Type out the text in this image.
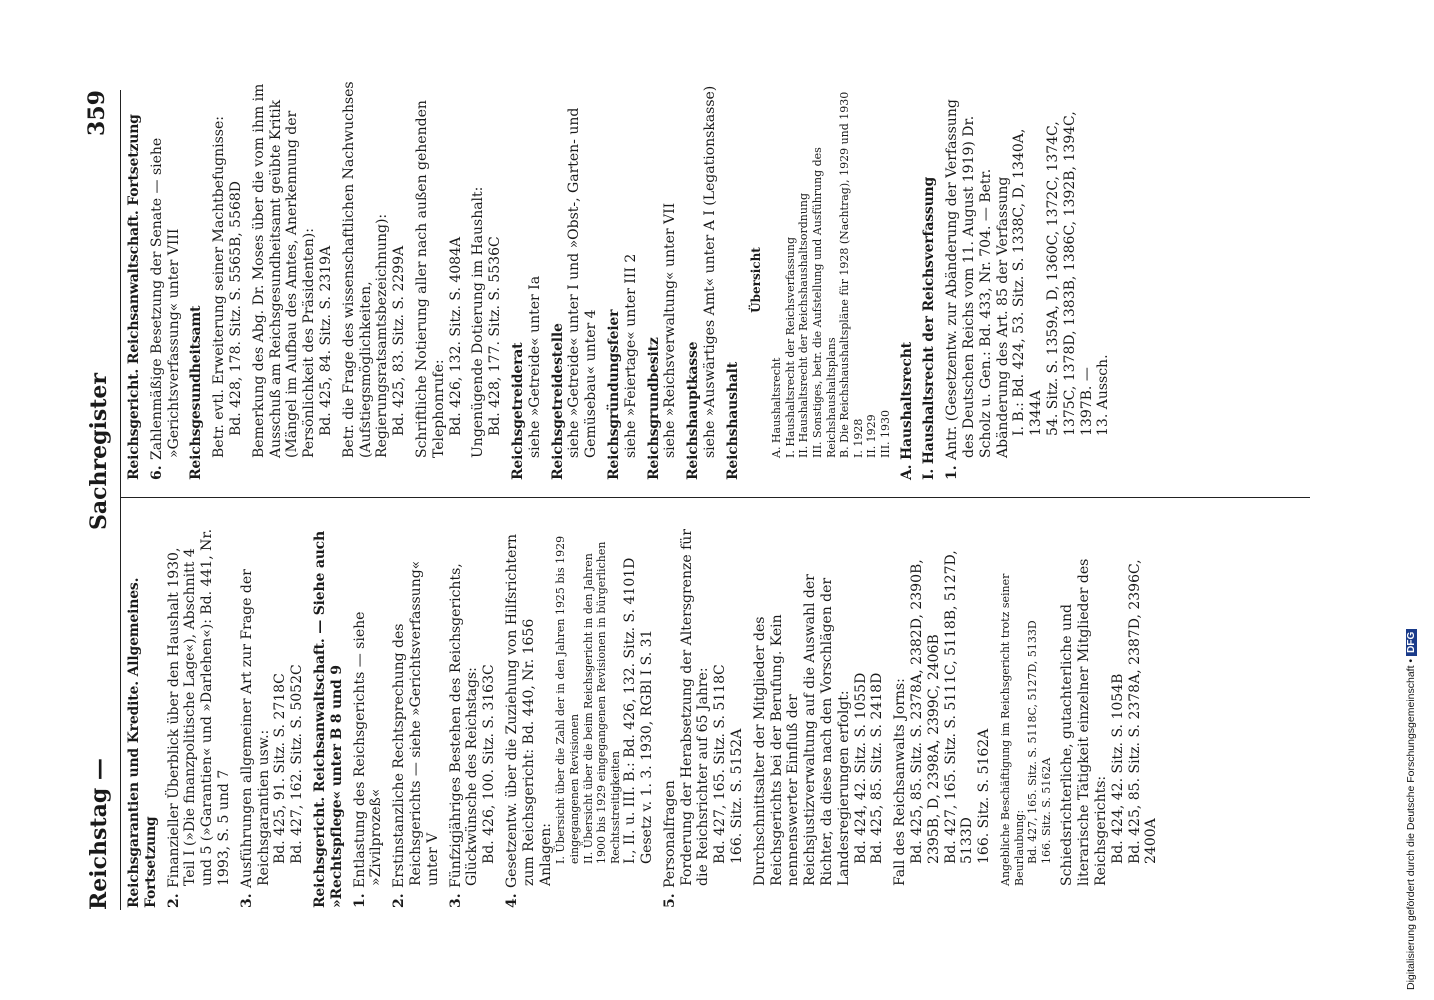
Reichstag —
Sachregister
359
Reichsgarantien und Kredite. Allgemeines. Fortsetzung 2.Finanzieller Überblick über den Haushalt 1930, Teil I (»Die finanzpolitische Lage«), Abschnitt 4 und 5 (»Garantien« und »Darlehen«): Bd. 441, Nr. 1993, S. 5 und 7
3.Ausführungen allgemeiner Art zur Frage der Reichsgarantien usw.: Bd. 425, 91. Sitz. S. 2718C Bd. 427, 162. Sitz. S. 5052C Reichsgericht. Reichsanwaltschaft. — Siehe auch »Rechtspflege« unter B 8 und 9 1.Entlastung des Reichsgerichts — siehe »Zivilprozeß«
2.Erstinstanzliche Rechtsprechung des Reichsgerichts — siehe »Gerichtsverfassung« unter V
3.Fünfzigjähriges Bestehen des Reichsgerichts, Glückwünsche des Reichstags: Bd. 426, 100. Sitz. S. 3163C
4.Gesetzentw. über die Zuziehung von Hilfsrichtern zum Reichsgericht: Bd. 440, Nr. 1656 Anlagen: I. Übersicht über die Zahl der in den Jahren 1925 bis 1929 eingegangenen Revisionen II. Übersicht über die beim Reichsgericht in den Jahren 1900 bis 1929 eingegangenen Revisionen in bürgerlichen Rechtsstreitigkeiten I., II. u. III. B.: Bd. 426, 132. Sitz. S. 4101D Gesetz v. 1. 3. 1930, RGBl I S. 31
5.Personalfragen Forderung der Herabsetzung der Altersgrenze für die Reichsrichter auf 65 Jahre: Bd. 427, 165. Sitz. S. 5118C 166. Sitz. S. 5152A Durchschnittsalter der Mitglieder des Reichsgerichts bei der Berufung. Kein nennenswerter Einfluß der Reichsjustizverwaltung auf die Auswahl der Richter, da diese nach den Vorschlägen der Landesregierungen erfolgt: Bd. 424, 42. Sitz. S. 1055D Bd. 425, 85. Sitz. S. 2418D Fall des Reichsanwalts Jorns: Bd. 425, 85. Sitz. S. 2378A, 2382D, 2390B, 2395B, D, 2398A, 2399C, 2406B Bd. 427, 165. Sitz. S. 5111C, 5118B, 5127D, 5133D 166. Sitz. S. 5162A Angebliche Beschäftigung im Reichsgericht trotz seiner Beurlaubung: Bd. 427, 165. Sitz. S. 5118C, 5127D, 5133D 166. Sitz. S. 5162A Schiedsrichterliche, gutachterliche und literarische Tätigkeit einzelner Mitglieder des Reichsgerichts: Bd. 424, 42. Sitz. S. 1054B Bd. 425, 85. Sitz. S. 2378A, 2387D, 2396C, 2400A
Reichsgericht. Reichsanwaltschaft. Fortsetzung 6.Zahlenmäßige Besetzung der Senate — siehe »Gerichtsverfassung« unter VIII Reichsgesundheitsamt Betr. evtl. Erweiterung seiner Machtbefugnisse: Bd. 428, 178. Sitz. S. 5565B, 5568D Bemerkung des Abg. Dr. Moses über die vom ihm im Ausschuß am Reichsgesundheitsamt geübte Kritik (Mängel im Aufbau des Amtes, Anerkennung der Persönlichkeit des Präsidenten): Bd. 425, 84. Sitz. S. 2319A Betr. die Frage des wissenschaftlichen Nachwuchses (Aufstiegsmöglichkeiten, Regierungsratsamtsbezeichnung): Bd. 425, 83. Sitz. S. 2299A Schriftliche Notierung aller nach außen gehenden Telephonrufe: Bd. 426, 132. Sitz. S. 4084A Ungenügende Dotierung im Haushalt: Bd. 428, 177. Sitz. S. 5536C Reichsgetreiderat siehe »Getreide« unter Ia Reichsgetreidestelle siehe »Getreide« unter I und »Obst-, Garten- und Gemüsebau« unter 4 Reichsgründungsfeier siehe »Feiertage« unter III 2 Reichsgrundbesitz siehe »Reichsverwaltung« unter VII Reichshauptkasse siehe »Auswärtiges Amt« unter A I (Legationskasse) Reichshaushalt
Übersicht
A. Haushaltsrecht I. Haushaltsrecht der Reichsverfassung II. Haushaltsrecht der Reichshaushaltsordnung III. Sonstiges, betr. die Aufstellung und Ausführung des Reichshaushaltsplans B. Die Reichshaushaltspläne für 1928 (Nachtrag), 1929 und 1930 I. 1928 II. 1929 III. 1930 A. Haushaltsrecht I. Haushaltsrecht der Reichsverfassung 1.Antr. (Gesetzentw. zur Abänderung der Verfassung des Deutschen Reichs vom 11. August 1919) Dr. Scholz u. Gen.: Bd. 433, Nr. 704. — Betr. Abänderung des Art. 85 der Verfassung I. B.: Bd. 424, 53. Sitz. S. 1338C, D, 1340A, 1344A 54. Sitz. S. 1359A, D, 1360C, 1372C, 1374C, 1375C, 1378D, 1383B, 1386C, 1392B, 1394C, 1397B. — 13. Aussch.
Digitalisierung gefördert durch die Deutsche Forschungsgemeinschaft •DFG
